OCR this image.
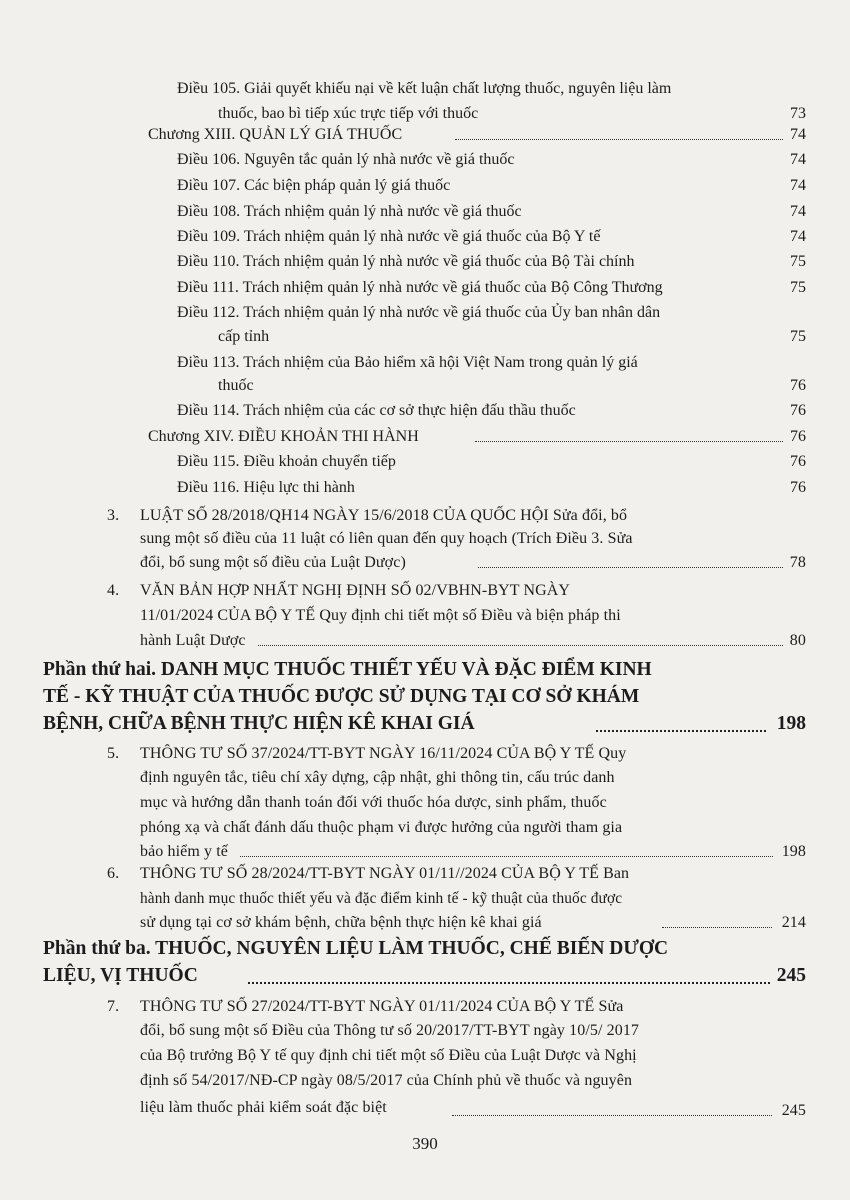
Điều 105. Giải quyết khiếu nại về kết luận chất lượng thuốc, nguyên liệu làm
thuốc, bao bì tiếp xúc trực tiếp với thuốc	73
Chương XIII. QUẢN LÝ GIÁ THUỐC	74
Điều 106. Nguyên tắc quản lý nhà nước về giá thuốc	74
Điều 107. Các biện pháp quản lý giá thuốc	74
Điều 108. Trách nhiệm quản lý nhà nước về giá thuốc	74
Điều 109. Trách nhiệm quản lý nhà nước về giá thuốc của Bộ Y tế	74
Điều 110. Trách nhiệm quản lý nhà nước về giá thuốc của Bộ Tài chính	75
Điều 111. Trách nhiệm quản lý nhà nước về giá thuốc của Bộ Công Thương	75
Điều 112. Trách nhiệm quản lý nhà nước về giá thuốc của Ủy ban nhân dân
cấp tỉnh	75
Điều 113. Trách nhiệm của Bảo hiểm xã hội Việt Nam trong quản lý giá
thuốc	76
Điều 114. Trách nhiệm của các cơ sở thực hiện đấu thầu thuốc	76
Chương XIV. ĐIỀU KHOẢN THI HÀNH	76
Điều 115. Điều khoản chuyển tiếp	76
Điều 116. Hiệu lực thi hành	76
3. LUẬT SỐ 28/2018/QH14 NGÀY 15/6/2018 CỦA QUỐC HỘI Sửa đổi, bổ
sung một số điều của 11 luật có liên quan đến quy hoạch (Trích Điều 3. Sửa
đổi, bổ sung một số điều của Luật Dược)	78
4. VĂN BẢN HỢP NHẤT NGHỊ ĐỊNH SỐ 02/VBHN-BYT NGÀY
11/01/2024 CỦA BỘ Y TẾ Quy định chi tiết một số Điều và biện pháp thi
hành Luật Dược	80
Phần thứ hai. DANH MỤC THUỐC THIẾT YẾU VÀ ĐẶC ĐIỂM KINH
TẾ - KỸ THUẬT CỦA THUỐC ĐƯỢC SỬ DỤNG TẠI CƠ SỞ KHÁM
BỆNH, CHỮA BỆNH THỰC HIỆN KÊ KHAI GIÁ	198
5. THÔNG TƯ SỐ 37/2024/TT-BYT NGÀY 16/11/2024 CỦA BỘ Y TẾ Quy
định nguyên tắc, tiêu chí xây dựng, cập nhật, ghi thông tin, cấu trúc danh
mục và hướng dẫn thanh toán đối với thuốc hóa dược, sinh phẩm, thuốc
phóng xạ và chất đánh dấu thuộc phạm vi được hưởng của người tham gia
bảo hiểm y tế	198
6. THÔNG TƯ SỐ 28/2024/TT-BYT NGÀY 01/11//2024 CỦA BỘ Y TẾ Ban
hành danh mục thuốc thiết yếu và đặc điểm kinh tế - kỹ thuật của thuốc được
sử dụng tại cơ sở khám bệnh, chữa bệnh thực hiện kê khai giá	214
Phần thứ ba. THUỐC, NGUYÊN LIỆU LÀM THUỐC, CHẾ BIẾN DƯỢC
LIỆU, VỊ THUỐC	245
7. THÔNG TƯ SỐ 27/2024/TT-BYT NGÀY 01/11/2024 CỦA BỘ Y TẾ Sửa
đổi, bổ sung một số Điều của Thông tư số 20/2017/TT-BYT ngày 10/5/ 2017
của Bộ trưởng Bộ Y tế quy định chi tiết một số Điều của Luật Dược và Nghị
định số 54/2017/NĐ-CP ngày 08/5/2017 của Chính phủ về thuốc và nguyên
liệu làm thuốc phải kiểm soát đặc biệt	245
390
